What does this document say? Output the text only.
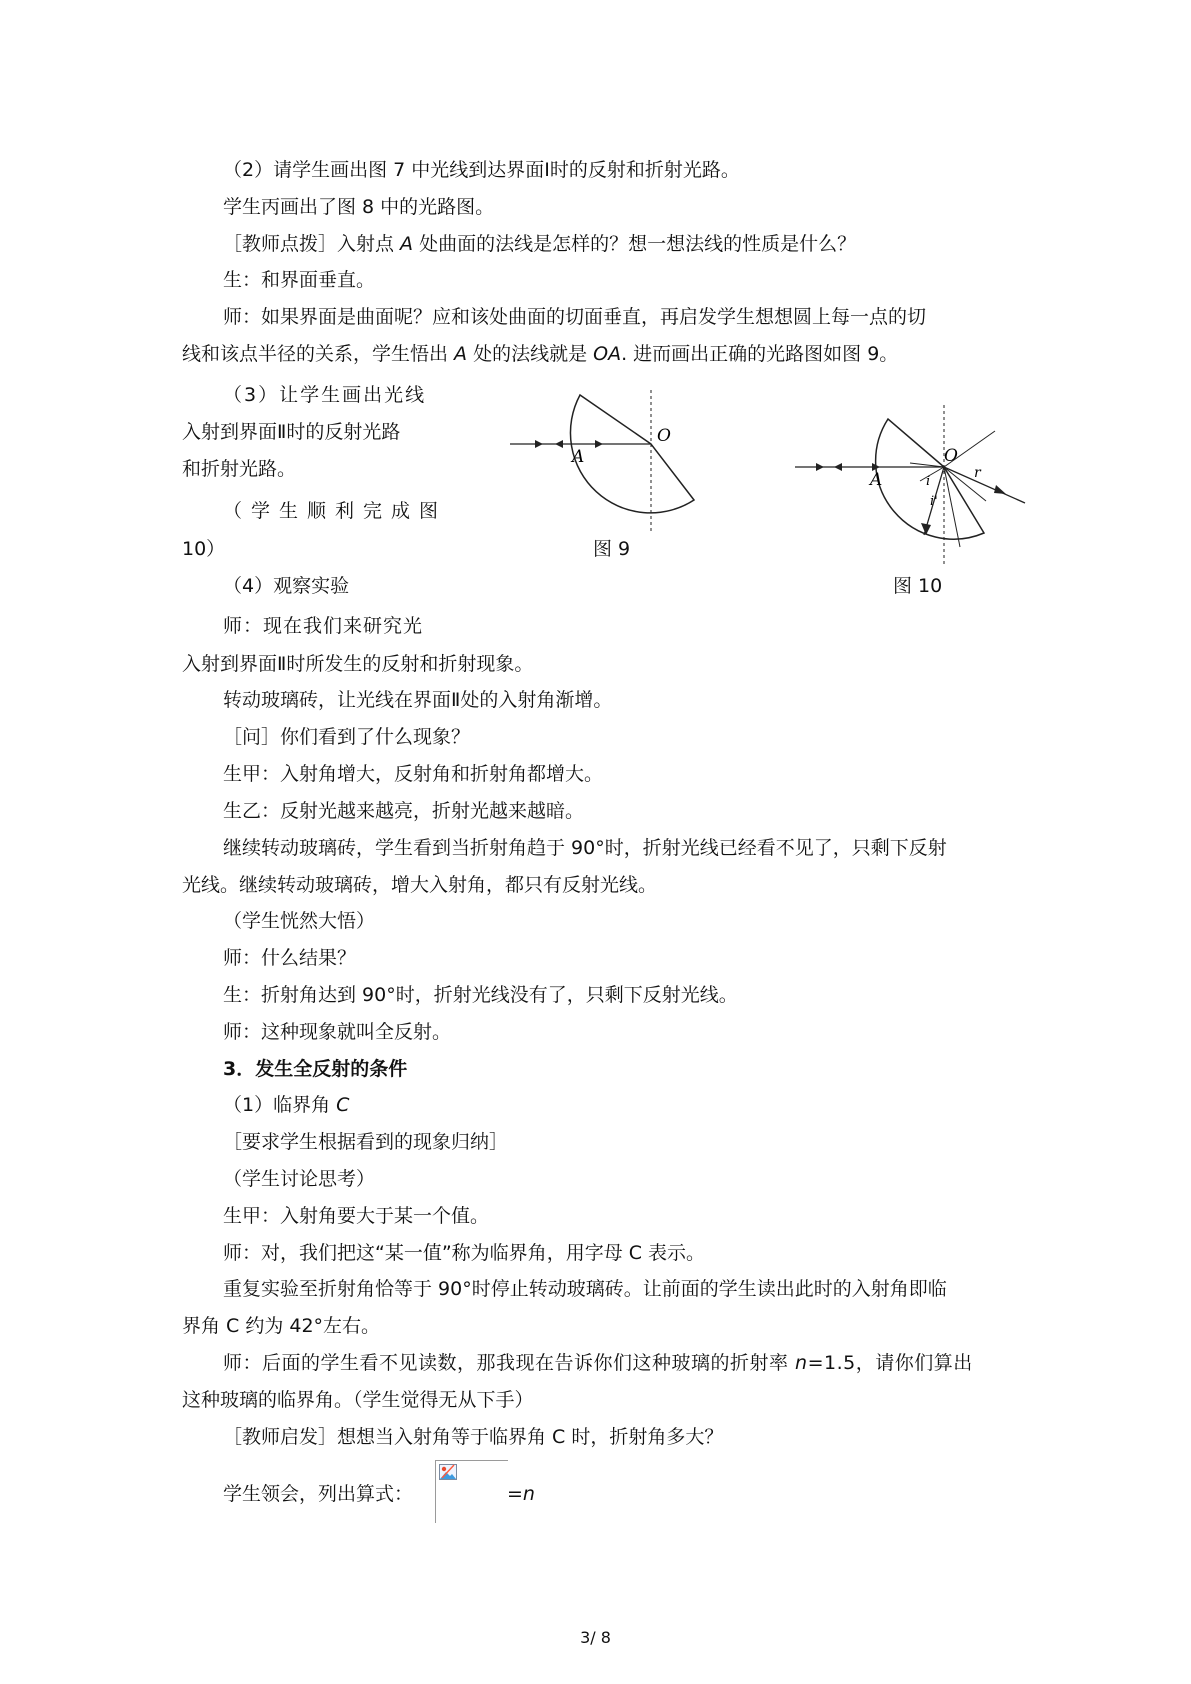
（2）请学生画出图 7 中光线到达界面Ⅰ时的反射和折射光路。
学生丙画出了图 8 中的光路图。
［教师点拨］入射点 A 处曲面的法线是怎样的？想一想法线的性质是什么？
生：和界面垂直。
师：如果界面是曲面呢？应和该处曲面的切面垂直，再启发学生想想圆上每一点的切
线和该点半径的关系，学生悟出 A 处的法线就是 OA. 进而画出正确的光路图如图 9。
（3）让学生画出光线
入射到界面Ⅱ时的反射光路
和折射光路。
（学生顺利完成图
10）
（4）观察实验
师：现在我们来研究光
入射到界面Ⅱ时所发生的反射和折射现象。
转动玻璃砖，让光线在界面Ⅱ处的入射角渐增。
［问］你们看到了什么现象？
生甲：入射角增大，反射角和折射角都增大。
生乙：反射光越来越亮，折射光越来越暗。
继续转动玻璃砖，学生看到当折射角趋于 90°时，折射光线已经看不见了，只剩下反射
光线。继续转动玻璃砖，增大入射角，都只有反射光线。
（学生恍然大悟）
师：什么结果？
生：折射角达到 90°时，折射光线没有了，只剩下反射光线。
师：这种现象就叫全反射。
3．发生全反射的条件
（1）临界角 C
［要求学生根据看到的现象归纳］
（学生讨论思考）
生甲：入射角要大于某一个值。
师：对，我们把这“某一值”称为临界角，用字母 C 表示。
重复实验至折射角恰等于 90°时停止转动玻璃砖。让前面的学生读出此时的入射角即临
界角 C 约为 42°左右。
师：后面的学生看不见读数，那我现在告诉你们这种玻璃的折射率 n=1.5，请你们算出
这种玻璃的临界角。（学生觉得无从下手）
［教师启发］想想当入射角等于临界角 C 时，折射角多大？
学生领会，列出算式：	=n
O
A
图 9
O
r
i
i'
A
图 10
3/ 8
